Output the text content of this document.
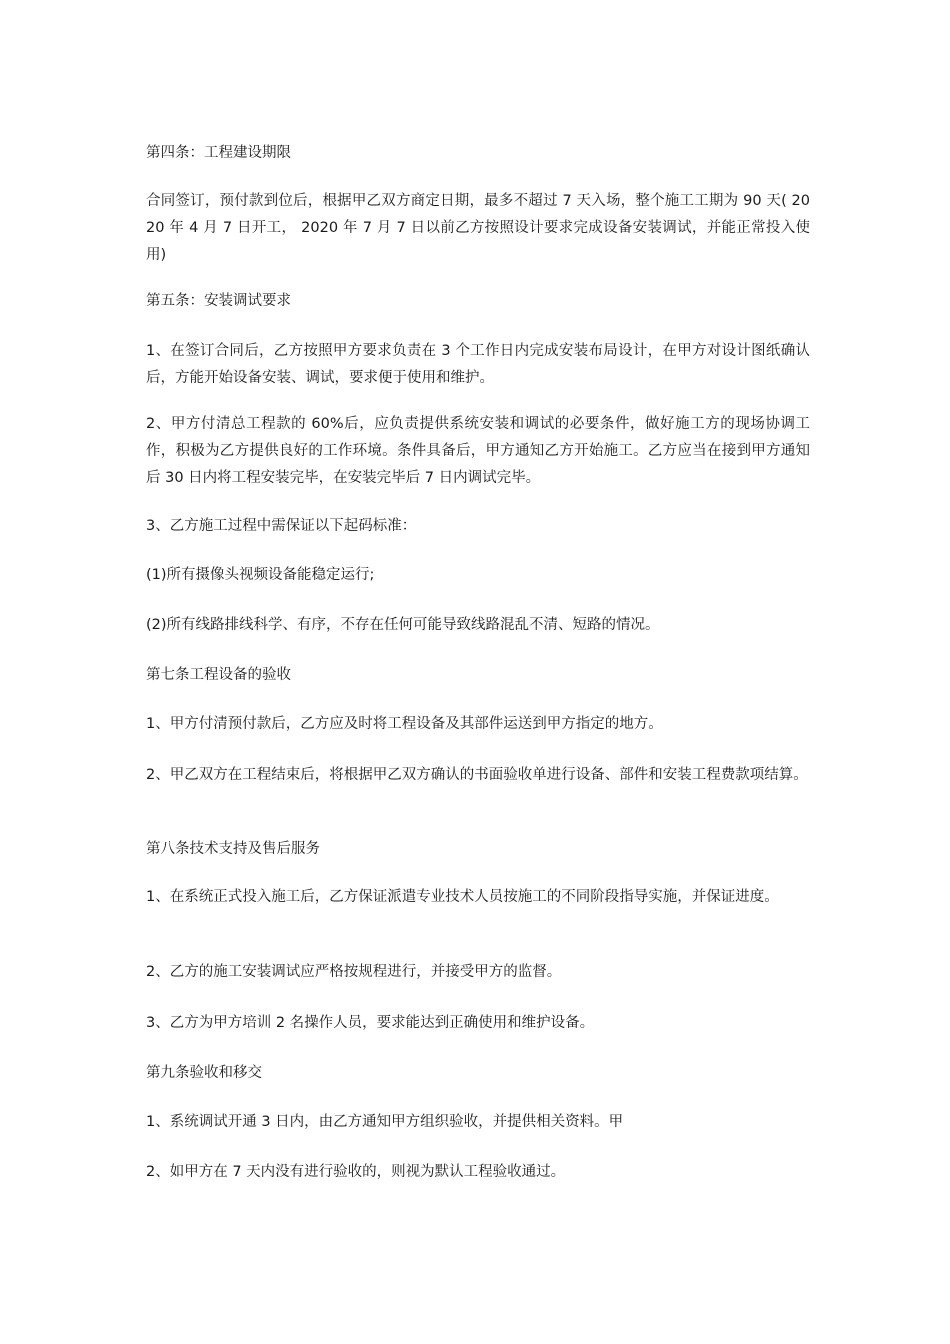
第四条：工程建设期限

合同签订，预付款到位后，根据甲乙双方商定日期，最多不超过 7 天入场，整个施工工期为 90 天( 2020 年 4 月 7 日开工， 2020 年 7 月 7 日以前乙方按照设计要求完成设备安装调试，并能正常投入使用)

第五条：安装调试要求

1、在签订合同后，乙方按照甲方要求负责在 3 个工作日内完成安装布局设计，在甲方对设计图纸确认后，方能开始设备安装、调试，要求便于使用和维护。

2、甲方付清总工程款的 60%后，应负责提供系统安装和调试的必要条件，做好施工方的现场协调工作，积极为乙方提供良好的工作环境。条件具备后，甲方通知乙方开始施工。乙方应当在接到甲方通知后 30 日内将工程安装完毕，在安装完毕后 7 日内调试完毕。

3、乙方施工过程中需保证以下起码标准：

(1)所有摄像头视频设备能稳定运行;

(2)所有线路排线科学、有序，不存在任何可能导致线路混乱不清、短路的情况。

第七条工程设备的验收

1、甲方付清预付款后，乙方应及时将工程设备及其部件运送到甲方指定的地方。

2、甲乙双方在工程结束后，将根据甲乙双方确认的书面验收单进行设备、部件和安装工程费款项结算。

第八条技术支持及售后服务

1、在系统正式投入施工后，乙方保证派遣专业技术人员按施工的不同阶段指导实施，并保证进度。

2、乙方的施工安装调试应严格按规程进行，并接受甲方的监督。

3、乙方为甲方培训 2 名操作人员，要求能达到正确使用和维护设备。

第九条验收和移交

1、系统调试开通 3 日内，由乙方通知甲方组织验收，并提供相关资料。甲

2、如甲方在 7 天内没有进行验收的，则视为默认工程验收通过。
